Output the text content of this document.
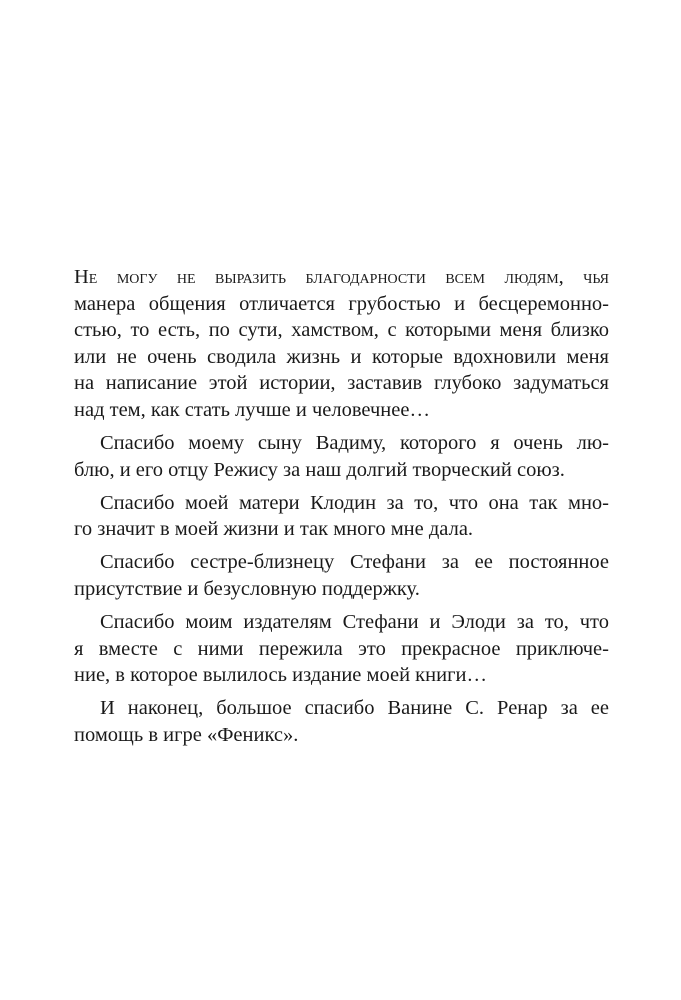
Не могу не выразить благодарности всем людям, чья
манера общения отличается грубостью и бесцеремонно-
стью, то есть, по сути, хамством, с которыми меня близко
или не очень сводила жизнь и которые вдохновили меня
на написание этой истории, заставив глубоко задуматься
над тем, как стать лучше и человечнее…

Спасибо моему сыну Вадиму, которого я очень лю-
блю, и его отцу Режису за наш долгий творческий союз.

Спасибо моей матери Клодин за то, что она так мно-
го значит в моей жизни и так много мне дала.

Спасибо сестре-близнецу Стефани за ее постоянное
присутствие и безусловную поддержку.

Спасибо моим издателям Стефани и Элоди за то, что
я вместе с ними пережила это прекрасное приключе-
ние, в которое вылилось издание моей книги…

И наконец, большое спасибо Ванине С. Ренар за ее
помощь в игре «Феникс».
